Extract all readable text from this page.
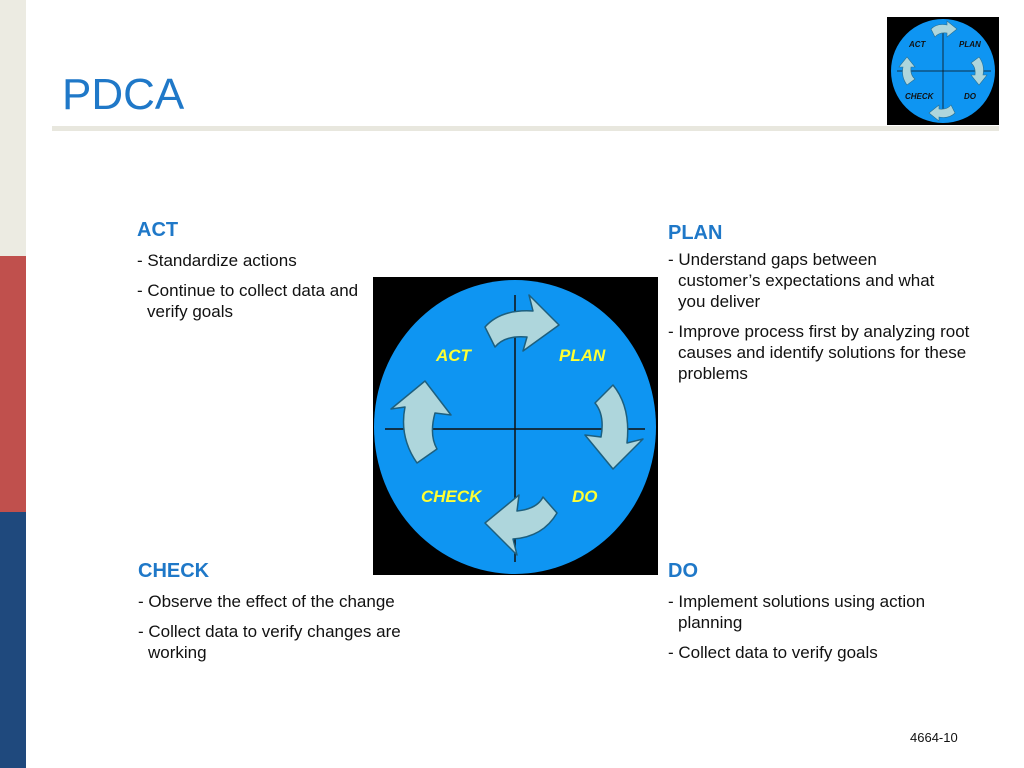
PDCA
ACT	PLAN
CHECK	DO
ACT

- Standardize actions

- Continue to collect data and verify goals

PLAN

- Understand gaps between customer’s expectations and what you deliver

- Improve process first by analyzing root causes and identify solutions for these problems

ACT	PLAN
CHECK	DO
CHECK

- Observe the effect of the change

- Collect data to verify changes are working

DO

- Implement solutions using action planning

- Collect data to verify goals

4664-10
